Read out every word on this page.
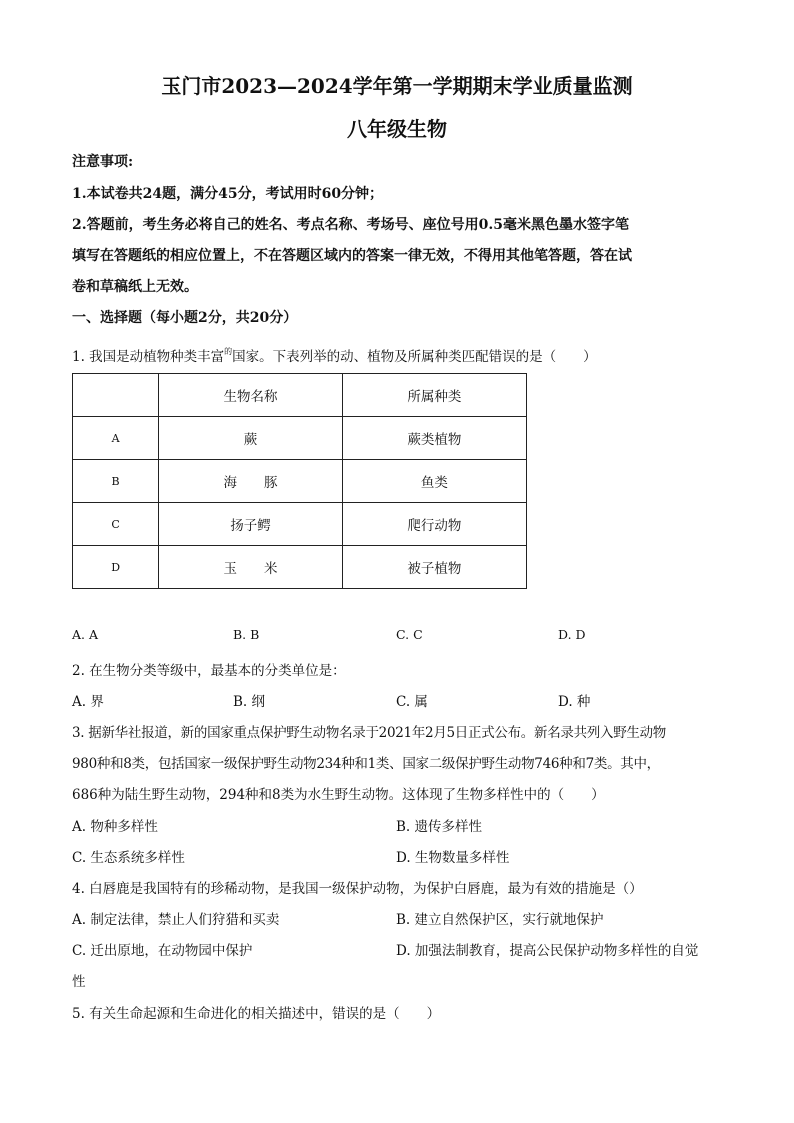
玉门市2023—2024学年第一学期期末学业质量监测
八年级生物
注意事项:
1.本试卷共24题，满分45分，考试用时60分钟；
2.答题前，考生务必将自己的姓名、考点名称、考场号、座位号用0.5毫米黑色墨水签字笔
填写在答题纸的相应位置上，不在答题区域内的答案一律无效，不得用其他笔答题，答在试
卷和草稿纸上无效。
一、选择题（每小题2分，共20分）
1. 我国是动植物种类丰富$^的$国家。下表列举的动、植物及所属种类匹配错误的是（　　）
	生物名称	所属种类
A	蕨	蕨类植物
B	海　　豚	鱼类
C	扬子鳄	爬行动物
D	玉　　米	被子植物
A. A	B. B	C. C	D. D
2. 在生物分类等级中，最基本的分类单位是：
A. 界	B. 纲	C. 属	D. 种
3. 据新华社报道，新的国家重点保护野生动物名录于2021年2月5日正式公布。新名录共列入野生动物
980种和8类，包括国家一级保护野生动物234种和1类、国家二级保护野生动物746种和7类。其中，
686种为陆生野生动物，294种和8类为水生野生动物。这体现了生物多样性中的（　　）
A. 物种多样性	B. 遗传多样性
C. 生态系统多样性	D. 生物数量多样性
4. 白唇鹿是我国特有的珍稀动物，是我国一级保护动物，为保护白唇鹿，最为有效的措施是（）
A. 制定法律，禁止人们狩猎和买卖	B. 建立自然保护区，实行就地保护
C. 迁出原地，在动物园中保护	D. 加强法制教育，提高公民保护动物多样性的自觉
性
5. 有关生命起源和生命进化的相关描述中，错误的是（　　）
